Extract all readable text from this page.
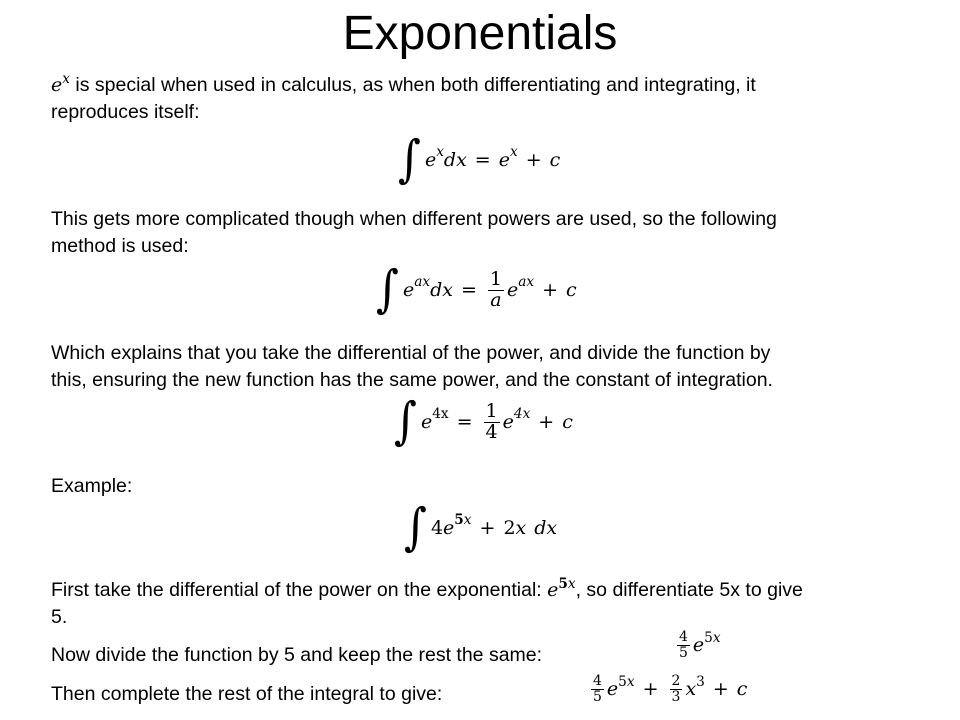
Exponentials
$e^x$ is special when used in calculus, as when both differentiating and integrating, it
reproduces itself:
∫ $e^x$ dx = $e^x + c$
This gets more complicated though when different powers are used, so the following
method is used:
∫ $e^{ax}$ dx = $\frac{1}{a} e^{ax} + c$
Which explains that you take the differential of the power, and divide the function by
this, ensuring the new function has the same power, and the constant of integration.
∫ e $^{4x} = \frac{1}{4} e^{4x} + c$
Example:
∫ 4 e $^{5x}$ + 2 x dx
First take the differential of the power on the exponential: $e^{5x}$, so differentiate 5x to give
5.
Now divide the function by 5 and keep the rest the same:	$\frac{4}{5}$ e $^{5x}$
Then complete the rest of the integral to give:	$\frac{4}{5}$ e $^{5x} + \frac{2}{3} x^3 + c$
